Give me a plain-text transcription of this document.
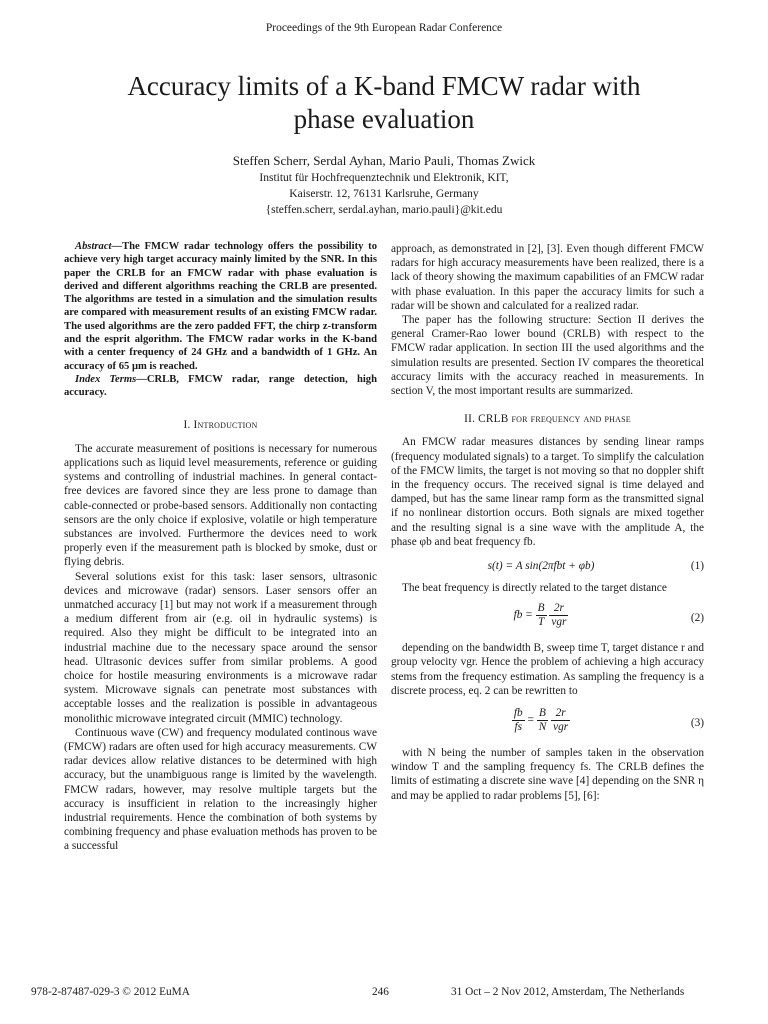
Proceedings of the 9th European Radar Conference
Accuracy limits of a K-band FMCW radar with
phase evaluation
Steffen Scherr, Serdal Ayhan, Mario Pauli, Thomas Zwick
Institut für Hochfrequenztechnik und Elektronik, KIT,
Kaiserstr. 12, 76131 Karlsruhe, Germany
{steffen.scherr, serdal.ayhan, mario.pauli}@kit.edu

Abstract—The FMCW radar technology offers the possibility to achieve very high target accuracy mainly limited by the SNR. In this paper the CRLB for an FMCW radar with phase evaluation is derived and different algorithms reaching the CRLB are presented. The algorithms are tested in a simulation and the simulation results are compared with measurement results of an existing FMCW radar. The used algorithms are the zero padded FFT, the chirp z-transform and the esprit algorithm. The FMCW radar works in the K-band with a center frequency of 24 GHz and a bandwidth of 1 GHz. An accuracy of 65 μm is reached.

Index Terms—CRLB, FMCW radar, range detection, high accuracy.

I. Introduction

The accurate measurement of positions is necessary for numerous applications such as liquid level measurements, reference or guiding systems and controlling of industrial machines. In general contact-free devices are favored since they are less prone to damage than cable-connected or probe-based sensors. Additionally non contacting sensors are the only choice if explosive, volatile or high temperature substances are involved. Furthermore the devices need to work properly even if the measurement path is blocked by smoke, dust or flying debris.

Several solutions exist for this task: laser sensors, ultrasonic devices and microwave (radar) sensors. Laser sensors offer an unmatched accuracy [1] but may not work if a measurement through a medium different from air (e.g. oil in hydraulic systems) is required. Also they might be difficult to be integrated into an industrial machine due to the necessary space around the sensor head. Ultrasonic devices suffer from similar problems. A good choice for hostile measuring environments is a microwave radar system. Microwave signals can penetrate most substances with acceptable losses and the realization is possible in advantageous monolithic microwave integrated circuit (MMIC) technology.

Continuous wave (CW) and frequency modulated continous wave (FMCW) radars are often used for high accuracy measurements. CW radar devices allow relative distances to be determined with high accuracy, but the unambiguous range is limited by the wavelength. FMCW radars, however, may resolve multiple targets but the accuracy is insufficient in relation to the increasingly higher industrial requirements. Hence the combination of both systems by combining frequency and phase evaluation methods has proven to be a successful

approach, as demonstrated in [2], [3]. Even though different FMCW radars for high accuracy measurements have been realized, there is a lack of theory showing the maximum capabilities of an FMCW radar with phase evaluation. In this paper the accuracy limits for such a radar will be shown and calculated for a realized radar.

The paper has the following structure: Section II derives the general Cramer-Rao lower bound (CRLB) with respect to the FMCW radar application. In section III the used algorithms and the simulation results are presented. Section IV compares the theoretical accuracy limits with the accuracy reached in measurements. In section V, the most important results are summarized.

II. CRLB for frequency and phase

An FMCW radar measures distances by sending linear ramps (frequency modulated signals) to a target. To simplify the calculation of the FMCW limits, the target is not moving so that no doppler shift in the frequency occurs. The received signal is time delayed and damped, but has the same linear ramp form as the transmitted signal if no nonlinear distortion occurs. Both signals are mixed together and the resulting signal is a sine wave with the amplitude A, the phase φb and beat frequency fb.

s(t) = A sin(2πfbt + φb)	(1)

The beat frequency is directly related to the target distance

fb = $\frac{B}{T}$
$\frac{2r}{\text{vgr}}$	(2)

depending on the bandwidth B, sweep time T, target distance r and group velocity vgr. Hence the problem of achieving a high accuracy stems from the frequency estimation. As sampling the frequency is a discrete process, eq. 2 can be rewritten to

$\frac{fb}{fs} = \frac{B}{N}$
$\frac{2r}{\text{vgr}}$	(3)

with N being the number of samples taken in the observation window T and the sampling frequency fs. The CRLB defines the limits of estimating a discrete sine wave [4] depending on the SNR η and may be applied to radar problems [5], [6]:

978-2-87487-029-3 © 2012 EuMA	246	31 Oct – 2 Nov 2012, Amsterdam, The Netherlands
